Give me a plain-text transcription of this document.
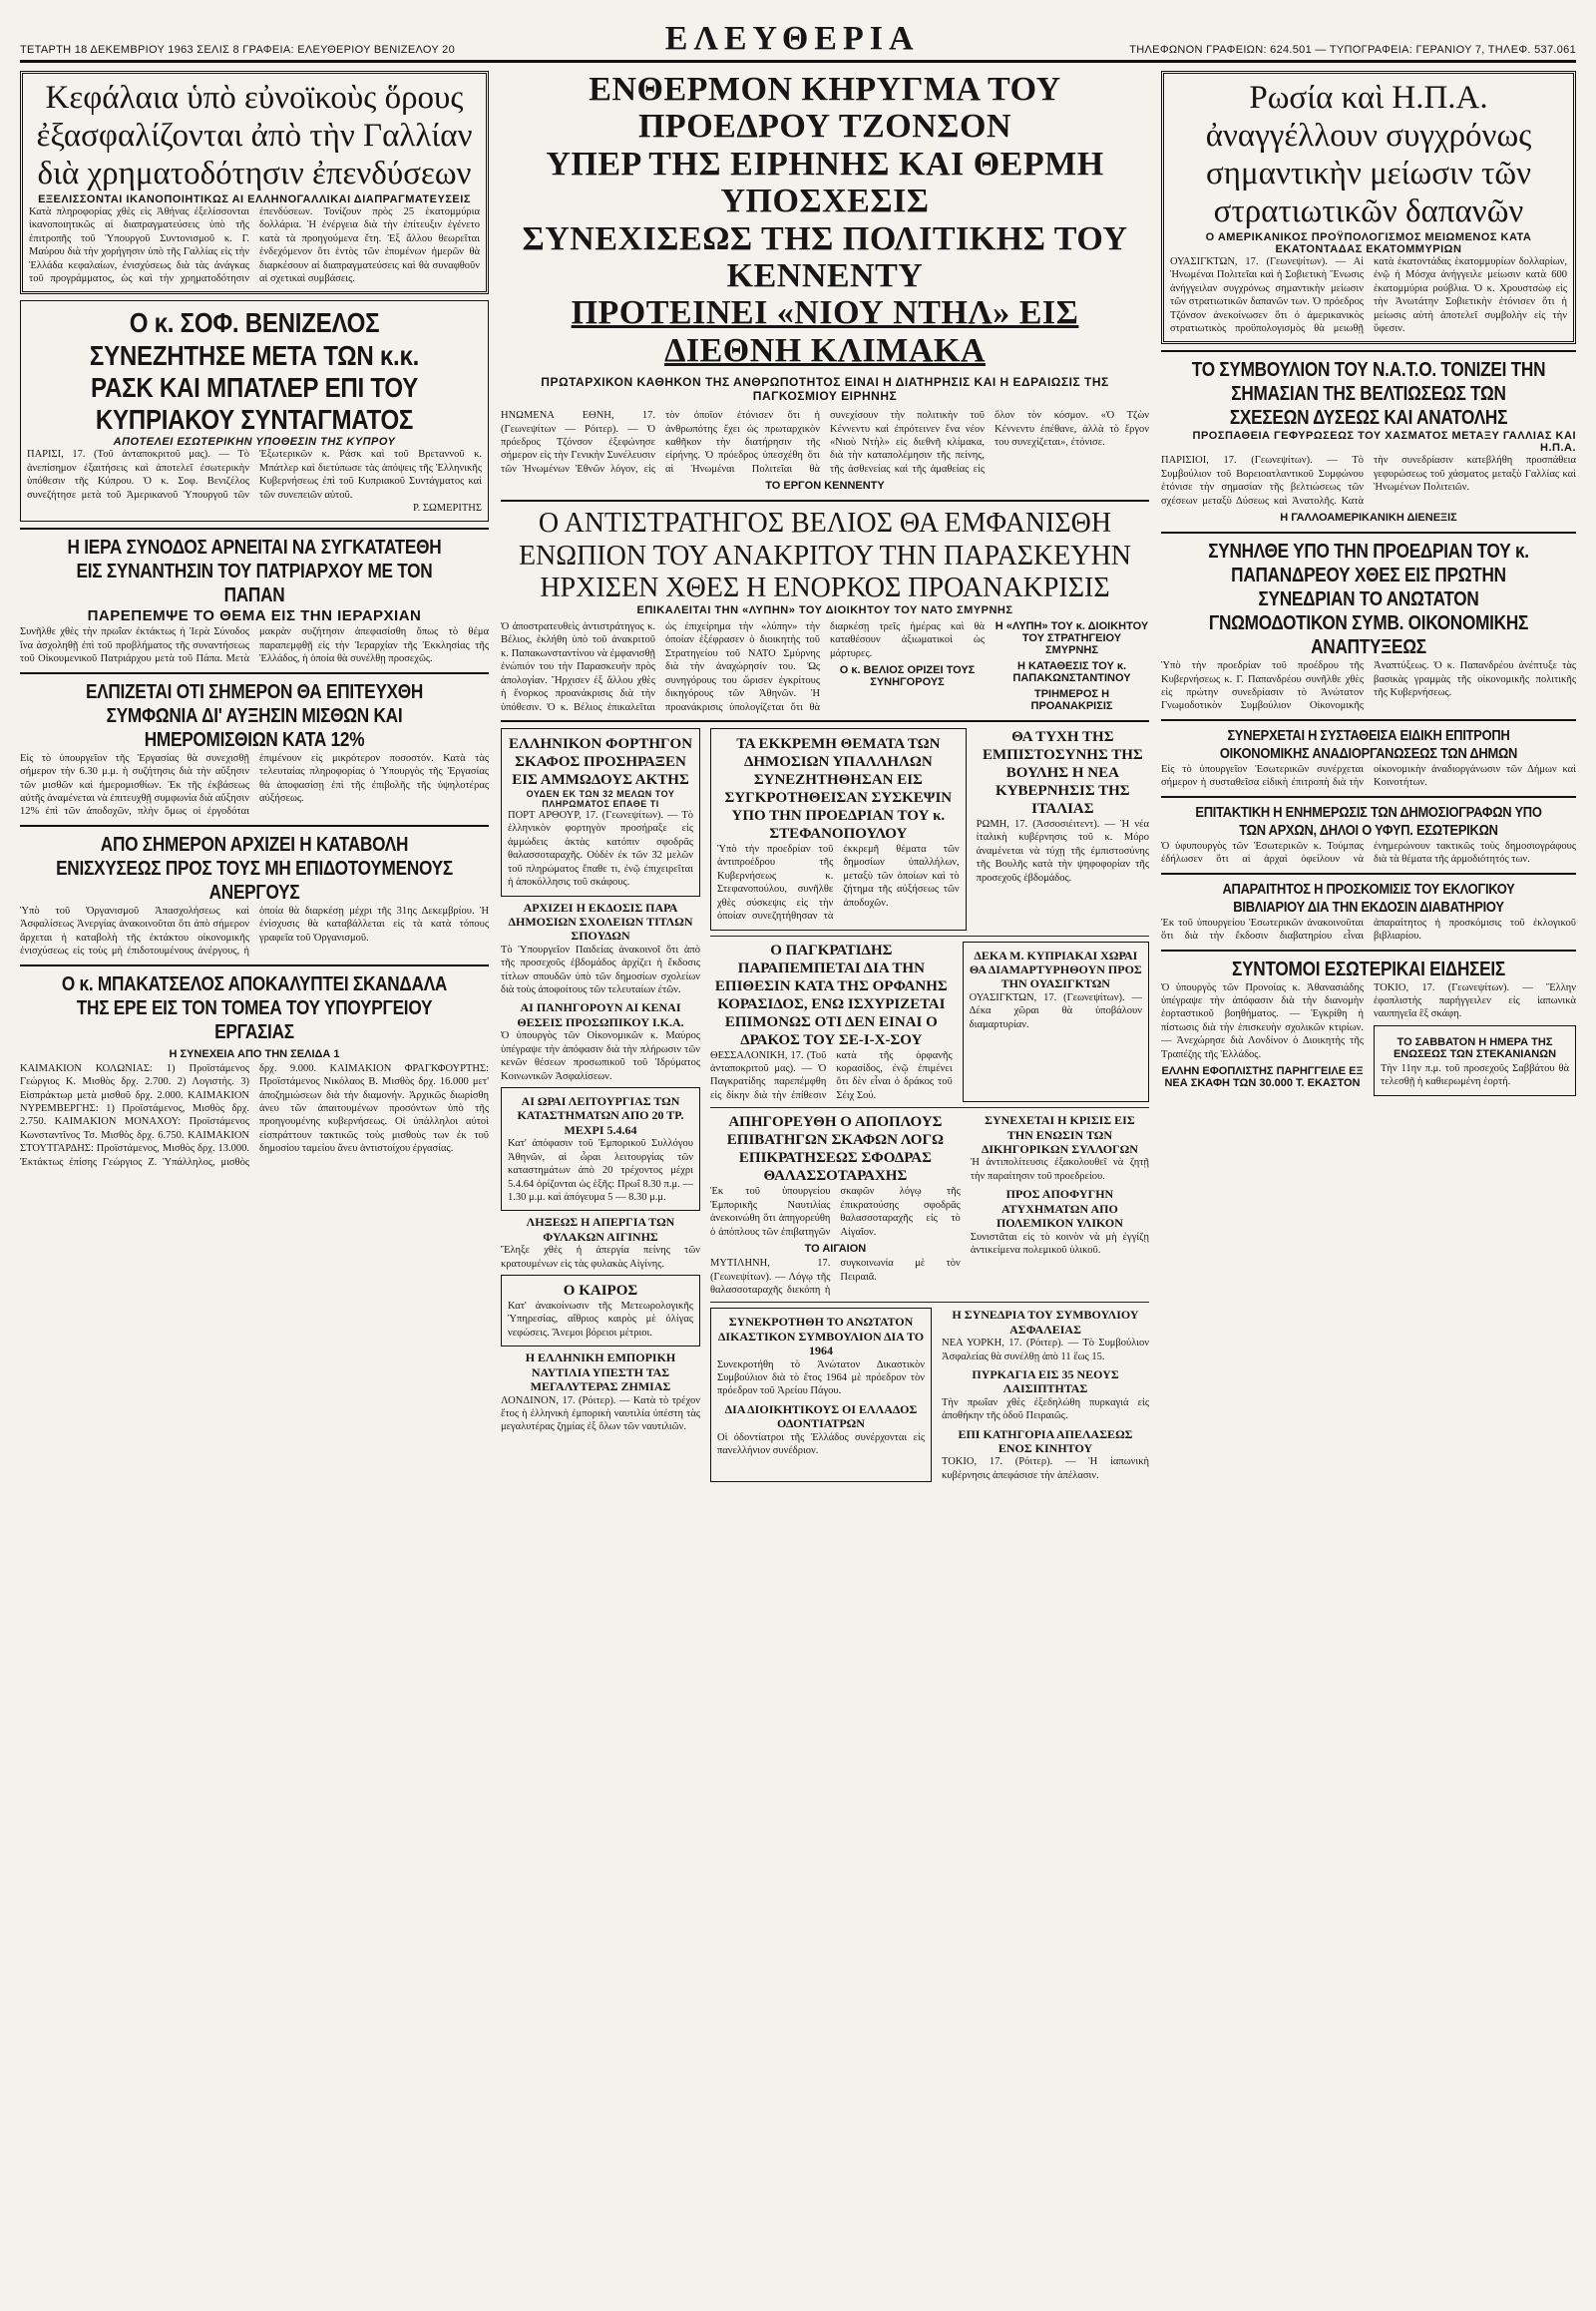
ΤΕΤΑΡΤΗ 18 ΔΕΚΕΜΒΡΙΟΥ 1963 ΣΕΛΙΣ 8 ΓΡΑΦΕΙΑ: ΕΛΕΥΘΕΡΙΟΥ ΒΕΝΙΖΕΛΟΥ 20	ΕΛΕΥΘΕΡΙΑ	ΤΗΛΕΦΩΝΟΝ ΓΡΑΦΕΙΩΝ: 624.501 — ΤΥΠΟΓΡΑΦΕΙΑ: ΓΕΡΑΝΙΟΥ 7, ΤΗΛΕΦ. 537.061
Κεφάλαια ὑπὸ εὐνοϊκοὺς ὅρους ἐξασφαλίζονται ἀπὸ τὴν Γαλλίαν διὰ χρηματοδότησιν ἐπενδύσεων
ΕΞΕΛΙΣΣΟΝΤΑΙ ΙΚΑΝΟΠΟΙΗΤΙΚΩΣ ΑΙ ΕΛΛΗΝΟΓΑΛΛΙΚΑΙ ΔΙΑΠΡΑΓΜΑΤΕΥΣΕΙΣ

Κατὰ πληροφορίας χθὲς εἰς Ἀθήνας ἐξελίσσονται ἱκανοποιητικῶς αἱ διαπραγματεύσεις ὑπὸ τῆς ἐπιτροπῆς τοῦ Ὑπουργοῦ Συντονισμοῦ κ. Γ. Μαύρου διὰ τὴν χορήγησιν ὑπὸ τῆς Γαλλίας εἰς τὴν Ἑλλάδα κεφαλαίων, ἐνισχύσεως διὰ τὰς ἀνάγκας τοῦ προγράμματος, ὡς καὶ τὴν χρηματοδότησιν ἐπενδύσεων. Τονίζουν πρὸς 25 ἑκατομμύρια δολλάρια. Ἡ ἐνέργεια διὰ τὴν ἐπίτευξιν ἐγένετο κατὰ τὰ προηγούμενα ἔτη. Ἐξ ἄλλου θεωρεῖται ἐνδεχόμενον ὅτι ἐντὸς τῶν ἐπομένων ἡμερῶν θὰ διαρκέσουν αἱ διαπραγματεύσεις καὶ θὰ συναφθοῦν αἱ σχετικαὶ συμβάσεις.

Ο κ. ΣΟΦ. ΒΕΝΙΖΕΛΟΣ ΣΥΝΕΖΗΤΗΣΕ ΜΕΤΑ ΤΩΝ κ.κ. ΡΑΣΚ ΚΑΙ ΜΠΑΤΛΕΡ ΕΠΙ ΤΟΥ ΚΥΠΡΙΑΚΟΥ ΣΥΝΤΑΓΜΑΤΟΣ
ΑΠΟΤΕΛΕΙ ΕΣΩΤΕΡΙΚΗΝ ΥΠΟΘΕΣΙΝ ΤΗΣ ΚΥΠΡΟΥ

ΠΑΡΙΣΙ, 17. (Τοῦ ἀνταποκριτοῦ μας). — Τὸ ἀνεπίσημον ἐξαιτήσεις καὶ ἀποτελεῖ ἐσωτερικὴν ὑπόθεσιν τῆς Κύπρου. Ὁ κ. Σοφ. Βενιζέλος συνεζήτησε μετὰ τοῦ Ἀμερικανοῦ Ὑπουργοῦ τῶν Ἐξωτερικῶν κ. Ράσκ καὶ τοῦ Βρεταννοῦ κ. Μπάτλερ καὶ διετύπωσε τὰς ἀπόψεις τῆς Ἑλληνικῆς Κυβερνήσεως ἐπὶ τοῦ Κυπριακοῦ Συντάγματος καὶ τῶν συνεπειῶν αὐτοῦ.

Ρ. ΣΩΜΕΡΙΤΗΣ
Η ΙΕΡΑ ΣΥΝΟΔΟΣ ΑΡΝΕΙΤΑΙ ΝΑ ΣΥΓΚΑΤΑΤΕΘΗ ΕΙΣ ΣΥΝΑΝΤΗΣΙΝ ΤΟΥ ΠΑΤΡΙΑΡΧΟΥ ΜΕ ΤΟΝ ΠΑΠΑΝ
ΠΑΡΕΠΕΜΨΕ ΤΟ ΘΕΜΑ ΕΙΣ ΤΗΝ ΙΕΡΑΡΧΙΑΝ

Συνῆλθε χθὲς τὴν πρωΐαν ἐκτάκτως ἡ Ἱερὰ Σύνοδος ἵνα ἀσχοληθῇ ἐπὶ τοῦ προβλήματος τῆς συναντήσεως τοῦ Οἰκουμενικοῦ Πατριάρχου μετὰ τοῦ Πάπα. Μετὰ μακρὰν συζήτησιν ἀπεφασίσθη ὅπως τὸ θέμα παραπεμφθῇ εἰς τὴν Ἱεραρχίαν τῆς Ἐκκλησίας τῆς Ἑλλάδος, ἡ ὁποία θὰ συνέλθῃ προσεχῶς.

ΕΛΠΙΖΕΤΑΙ ΟΤΙ ΣΗΜΕΡΟΝ ΘΑ ΕΠΙΤΕΥΧΘΗ ΣΥΜΦΩΝΙΑ ΔΙ' ΑΥΞΗΣΙΝ ΜΙΣΘΩΝ ΚΑΙ ΗΜΕΡΟΜΙΣΘΙΩΝ ΚΑΤΑ 12%

Εἰς τὸ ὑπουργεῖον τῆς Ἐργασίας θὰ συνεχισθῇ σήμερον τὴν 6.30 μ.μ. ἡ συζήτησις διὰ τὴν αὔξησιν τῶν μισθῶν καὶ ἡμερομισθίων. Ἐκ τῆς ἐκβάσεως αὐτῆς ἀναμένεται νὰ ἐπιτευχθῇ συμφωνία διὰ αὔξησιν 12% ἐπὶ τῶν ἀποδοχῶν, πλὴν ὅμως οἱ ἐργοδόται ἐπιμένουν εἰς μικρότερον ποσοστόν. Κατὰ τὰς τελευταίας πληροφορίας ὁ Ὑπουργὸς τῆς Ἐργασίας θὰ ἀποφασίσῃ ἐπὶ τῆς ἐπιβολῆς τῆς ὑψηλοτέρας αὐξήσεως.

ΑΠΟ ΣΗΜΕΡΟΝ ΑΡΧΙΖΕΙ Η ΚΑΤΑΒΟΛΗ ΕΝΙΣΧΥΣΕΩΣ ΠΡΟΣ ΤΟΥΣ ΜΗ ΕΠΙΔΟΤΟΥΜΕΝΟΥΣ ΑΝΕΡΓΟΥΣ

Ὑπὸ τοῦ Ὀργανισμοῦ Ἀπασχολήσεως καὶ Ἀσφαλίσεως Ἀνεργίας ἀνακοινοῦται ὅτι ἀπὸ σήμερον ἄρχεται ἡ καταβολὴ τῆς ἐκτάκτου οἰκονομικῆς ἐνισχύσεως εἰς τοὺς μὴ ἐπιδοτουμένους ἀνέργους, ἡ ὁποία θὰ διαρκέσῃ μέχρι τῆς 31ης Δεκεμβρίου. Ἡ ἐνίσχυσις θὰ καταβάλλεται εἰς τὰ κατὰ τόπους γραφεῖα τοῦ Ὀργανισμοῦ.

Ο κ. ΜΠΑΚΑΤΣΕΛΟΣ ΑΠΟΚΑΛΥΠΤΕΙ ΣΚΑΝΔΑΛΑ ΤΗΣ ΕΡΕ ΕΙΣ ΤΟΝ ΤΟΜΕΑ ΤΟΥ ΥΠΟΥΡΓΕΙΟΥ ΕΡΓΑΣΙΑΣ
Η ΣΥΝΕΧΕΙΑ ΑΠΟ ΤΗΝ ΣΕΛΙΔΑ 1

ΚΑΙΜΑΚΙΟΝ ΚΟΛΩΝΙΑΣ: 1) Προϊστάμενος Γεώργιος Κ. Μισθὸς δρχ. 2.700. 2) Λογιστὴς. 3) Εἰσπράκτωρ μετὰ μισθοῦ δρχ. 2.000. ΚΑΙΜΑΚΙΟΝ ΝΥΡΕΜΒΕΡΓΗΣ: 1) Προϊστάμενος, Μισθὸς δρχ. 2.750. ΚΑΙΜΑΚΙΟΝ ΜΟΝΑΧΟΥ: Προϊστάμενος Κωνσταντῖνος Τσ. Μισθὸς δρχ. 6.750. ΚΑΙΜΑΚΙΟΝ ΣΤΟΥΤΓΑΡΔΗΣ: Προϊστάμενος, Μισθὸς δρχ. 13.000. Ἐκτάκτως ἐπίσης Γεώργιος Ζ. Ὑπάλληλος, μισθὸς δρχ. 9.000. ΚΑΙΜΑΚΙΟΝ ΦΡΑΓΚΦΟΥΡΤΗΣ: Προϊστάμενος Νικόλαος Β. Μισθὸς δρχ. 16.000 μετ' ἀποζημιώσεων διὰ τὴν διαμονήν. Ἀρχικῶς διωρίσθη ἀνευ τῶν ἀπαιτουμένων προσόντων ὑπὸ τῆς προηγουμένης κυβερνήσεως. Οἱ ὑπάλληλοι αὐτοὶ εἰσπράττουν τακτικῶς τοὺς μισθοὺς των ἐκ τοῦ δημοσίου ταμείου ἄνευ ἀντιστοίχου ἐργασίας.

ΕΝΘΕΡΜΟΝ ΚΗΡΥΓΜΑ ΤΟΥ ΠΡΟΕΔΡΟΥ ΤΖΟΝΣΟΝ
ΥΠΕΡ ΤΗΣ ΕΙΡΗΝΗΣ ΚΑΙ ΘΕΡΜΗ ΥΠΟΣΧΕΣΙΣ
ΣΥΝΕΧΙΣΕΩΣ ΤΗΣ ΠΟΛΙΤΙΚΗΣ ΤΟΥ ΚΕΝΝΕΝΤΥ
ΠΡΟΤΕΙΝΕΙ «ΝΙΟΥ ΝΤΗΛ» ΕΙΣ ΔΙΕΘΝΗ ΚΛΙΜΑΚΑ
ΠΡΩΤΑΡΧΙΚΟΝ ΚΑΘΗΚΟΝ ΤΗΣ ΑΝΘΡΩΠΟΤΗΤΟΣ ΕΙΝΑΙ Η ΔΙΑΤΗΡΗΣΙΣ ΚΑΙ Η ΕΔΡΑΙΩΣΙΣ ΤΗΣ ΠΑΓΚΟΣΜΙΟΥ ΕΙΡΗΝΗΣ

ΗΝΩΜΕΝΑ ΕΘΝΗ, 17. (Γεωνεψίτων — Ρόιτερ). — Ὁ πρόεδρος Τζόνσον ἐξεφώνησε σήμερον εἰς τὴν Γενικὴν Συνέλευσιν τῶν Ἡνωμένων Ἐθνῶν λόγον, εἰς τὸν ὁποῖον ἐτόνισεν ὅτι ἡ ἀνθρωπότης ἔχει ὡς πρωταρχικὸν καθῆκον τὴν διατήρησιν τῆς εἰρήνης. Ὁ πρόεδρος ὑπεσχέθη ὅτι αἱ Ἡνωμέναι Πολιτεῖαι θὰ συνεχίσουν τὴν πολιτικὴν τοῦ Κέννεντυ καὶ ἐπρότεινεν ἕνα νέον «Νιοὺ Ντὴλ» εἰς διεθνῆ κλίμακα, διὰ τὴν καταπολέμησιν τῆς πείνης, τῆς ἀσθενείας καὶ τῆς ἀμαθείας εἰς ὅλον τὸν κόσμον. «Ὁ Τζὼν Κέννεντυ ἐπέθανε, ἀλλὰ τὸ ἔργον του συνεχίζεται», ἐτόνισε.

ΤΟ ΕΡΓΟΝ ΚΕΝΝΕΝΤΥ
Ο ΑΝΤΙΣΤΡΑΤΗΓΟΣ ΒΕΛΙΟΣ ΘΑ ΕΜΦΑΝΙΣΘΗ
ΕΝΩΠΙΟΝ ΤΟΥ ΑΝΑΚΡΙΤΟΥ ΤΗΝ ΠΑΡΑΣΚΕΥΗΝ
ΗΡΧΙΣΕΝ ΧΘΕΣ Η ΕΝΟΡΚΟΣ ΠΡΟΑΝΑΚΡΙΣΙΣ
ΕΠΙΚΑΛΕΙΤΑΙ ΤΗΝ «ΛΥΠΗΝ» ΤΟΥ ΔΙΟΙΚΗΤΟΥ ΤΟΥ ΝΑΤΟ ΣΜΥΡΝΗΣ

Ὁ ἀποστρατευθεὶς ἀντιστράτηγος κ. Βέλιος, ἐκλήθη ὑπὸ τοῦ ἀνακριτοῦ κ. Παπακωνσταντίνου νὰ ἐμφανισθῇ ἐνώπιόν του τὴν Παρασκευὴν πρὸς ἀπολογίαν. Ἤρχισεν ἐξ ἄλλου χθὲς ἡ ἔνορκος προανάκρισις διὰ τὴν ὑπόθεσιν. Ὁ κ. Βέλιος ἐπικαλεῖται ὡς ἐπιχείρημα τὴν «λύπην» τὴν ὁποίαν ἐξέφρασεν ὁ διοικητὴς τοῦ Στρατηγείου τοῦ ΝΑΤΟ Σμύρνης διὰ τὴν ἀναχώρησίν του. Ὡς συνηγόρους του ὥρισεν ἐγκρίτους δικηγόρους τῶν Ἀθηνῶν. Ἡ προανάκρισις ὑπολογίζεται ὅτι θὰ διαρκέσῃ τρεῖς ἡμέρας καὶ θὰ καταθέσουν ἀξιωματικοὶ ὡς μάρτυρες.

Ο κ. ΒΕΛΙΟΣ ΟΡΙΖΕΙ ΤΟΥΣ ΣΥΝΗΓΟΡΟΥΣ
Η «ΛΥΠΗ» ΤΟΥ κ. ΔΙΟΙΚΗΤΟΥ ΤΟΥ ΣΤΡΑΤΗΓΕΙΟΥ ΣΜΥΡΝΗΣ
Η ΚΑΤΑΘΕΣΙΣ ΤΟΥ κ. ΠΑΠΑΚΩΝΣΤΑΝΤΙΝΟΥ
ΤΡΙΗΜΕΡΟΣ Η ΠΡΟΑΝΑΚΡΙΣΙΣ
ΕΛΛΗΝΙΚΟΝ ΦΟΡΤΗΓΟΝ ΣΚΑΦΟΣ ΠΡΟΣΗΡΑΞΕΝ ΕΙΣ ΑΜΜΩΔΟΥΣ ΑΚΤΗΣ
ΟΥΔΕΝ ΕΚ ΤΩΝ 32 ΜΕΛΩΝ ΤΟΥ ΠΛΗΡΩΜΑΤΟΣ ΕΠΑΘΕ ΤΙ

ΠΟΡΤ ΑΡΘΟΥΡ, 17. (Γεωνεψίτων). — Τὸ ἑλληνικὸν φορτηγὸν προσήραξε εἰς ἀμμώδεις ἀκτὰς κατόπιν σφοδρᾶς θαλασσοταραχῆς. Οὐδὲν ἐκ τῶν 32 μελῶν τοῦ πληρώματος ἔπαθε τι, ἐνῷ ἐπιχειρεῖται ἡ ἀποκόλλησις τοῦ σκάφους.

ΑΡΧΙΖΕΙ Η ΕΚΔΟΣΙΣ ΠΑΡΑ ΔΗΜΟΣΙΩΝ ΣΧΟΛΕΙΩΝ ΤΙΤΛΩΝ ΣΠΟΥΔΩΝ

Τὸ Ὑπουργεῖον Παιδείας ἀνακοινοῖ ὅτι ἀπὸ τῆς προσεχοῦς ἑβδομάδος ἀρχίζει ἡ ἔκδοσις τίτλων σπουδῶν ὑπὸ τῶν δημοσίων σχολείων διὰ τοὺς ἀποφοίτους τῶν τελευταίων ἐτῶν.

ΑΙ ΠΑΝΗΓΟΡΟΥΝ ΑΙ ΚΕΝΑΙ ΘΕΣΕΙΣ ΠΡΟΣΩΠΙΚΟΥ Ι.Κ.Α.

Ὁ ὑπουργὸς τῶν Οἰκονομικῶν κ. Μαύρος ὑπέγραψε τὴν ἀπόφασιν διὰ τὴν πλήρωσιν τῶν κενῶν θέσεων προσωπικοῦ τοῦ Ἰδρύματος Κοινωνικῶν Ἀσφαλίσεων.

ΑΙ ΩΡΑΙ ΛΕΙΤΟΥΡΓΙΑΣ ΤΩΝ ΚΑΤΑΣΤΗΜΑΤΩΝ ΑΠΟ 20 ΤΡ. ΜΕΧΡΙ 5.4.64

Κατ' ἀπόφασιν τοῦ Ἐμπορικοῦ Συλλόγου Ἀθηνῶν, αἱ ὧραι λειτουργίας τῶν καταστημάτων ἀπὸ 20 τρέχοντος μέχρι 5.4.64 ὁρίζονται ὡς ἑξῆς: Πρωΐ 8.30 π.μ. — 1.30 μ.μ. καὶ ἀπόγευμα 5 — 8.30 μ.μ.

ΛΗΞΕΩΣ Η ΑΠΕΡΓΙΑ ΤΩΝ ΦΥΛΑΚΩΝ ΑΙΓΙΝΗΣ

Ἔληξε χθὲς ἡ ἀπεργία πείνης τῶν κρατουμένων εἰς τὰς φυλακὰς Αἰγίνης.

Ο ΚΑΙΡΟΣ

Κατ' ἀνακοίνωσιν τῆς Μετεωρολογικῆς Ὑπηρεσίας, αἴθριος καιρὸς μὲ ὀλίγας νεφώσεις. Ἄνεμοι βόρειοι μέτριοι.

Η ΕΛΛΗΝΙΚΗ ΕΜΠΟΡΙΚΗ ΝΑΥΤΙΛΙΑ ΥΠΕΣΤΗ ΤΑΣ ΜΕΓΑΛΥΤΕΡΑΣ ΖΗΜΙΑΣ

ΛΟΝΔΙΝΟΝ, 17. (Ρόιτερ). — Κατὰ τὸ τρέχον ἔτος ἡ ἑλληνικὴ ἐμπορικὴ ναυτιλία ὑπέστη τὰς μεγαλυτέρας ζημίας ἐξ ὅλων τῶν ναυτιλιῶν.

ΤΑ ΕΚΚΡΕΜΗ ΘΕΜΑΤΑ ΤΩΝ ΔΗΜΟΣΙΩΝ ΥΠΑΛΛΗΛΩΝ ΣΥΝΕΖΗΤΗΘΗΣΑΝ ΕΙΣ ΣΥΓΚΡΟΤΗΘΕΙΣΑΝ ΣΥΣΚΕΨΙΝ ΥΠΟ ΤΗΝ ΠΡΟΕΔΡΙΑΝ ΤΟΥ κ. ΣΤΕΦΑΝΟΠΟΥΛΟΥ

Ὑπὸ τὴν προεδρίαν τοῦ ἀντιπροέδρου τῆς Κυβερνήσεως κ. Στεφανοπούλου, συνῆλθε χθὲς σύσκεψις εἰς τὴν ὁποίαν συνεζητήθησαν τὰ ἐκκρεμῆ θέματα τῶν δημοσίων ὑπαλλήλων, μεταξὺ τῶν ὁποίων καὶ τὸ ζήτημα τῆς αὐξήσεως τῶν ἀποδοχῶν.

ΘΑ ΤΥΧΗ ΤΗΣ ΕΜΠΙΣΤΟΣΥΝΗΣ ΤΗΣ ΒΟΥΛΗΣ Η ΝΕΑ ΚΥΒΕΡΝΗΣΙΣ ΤΗΣ ΙΤΑΛΙΑΣ

ΡΩΜΗ, 17. (Ἀσσοσιέιτεντ). — Ἡ νέα ἰταλικὴ κυβέρνησις τοῦ κ. Μόρο ἀναμένεται νὰ τύχῃ τῆς ἐμπιστοσύνης τῆς Βουλῆς κατὰ τὴν ψηφοφορίαν τῆς προσεχοῦς ἑβδομάδος.

Ο ΠΑΓΚΡΑΤΙΔΗΣ ΠΑΡΑΠΕΜΠΕΤΑΙ ΔΙΑ ΤΗΝ ΕΠΙΘΕΣΙΝ ΚΑΤΑ ΤΗΣ ΟΡΦΑΝΗΣ ΚΟΡΑΣΙΔΟΣ, ΕΝΩ ΙΣΧΥΡΙΖΕΤΑΙ ΕΠΙΜΟΝΩΣ ΟΤΙ ΔΕΝ ΕΙΝΑΙ Ο ΔΡΑΚΟΣ ΤΟΥ ΣΕ-Ι-Χ-ΣΟΥ

ΘΕΣΣΑΛΟΝΙΚΗ, 17. (Τοῦ ἀνταποκριτοῦ μας). — Ὁ Παγκρατίδης παρεπέμφθη εἰς δίκην διὰ τὴν ἐπίθεσιν κατὰ τῆς ὀρφανῆς κορασίδος, ἐνῷ ἐπιμένει ὅτι δὲν εἶναι ὁ δράκος τοῦ Σέιχ Σού.

ΔΕΚΑ Μ. ΚΥΠΡΙΑΚΑΙ ΧΩΡΑΙ ΘΑ ΔΙΑΜΑΡΤΥΡΗΘΟΥΝ ΠΡΟΣ ΤΗΝ ΟΥΑΣΙΓΚΤΩΝ

ΟΥΑΣΙΓΚΤΩΝ, 17. (Γεωνεψίτων). — Δέκα χῶραι θὰ ὑποβάλουν διαμαρτυρίαν.

ΑΠΗΓΟΡΕΥΘΗ Ο ΑΠΟΠΛΟΥΣ ΕΠΙΒΑΤΗΓΩΝ ΣΚΑΦΩΝ ΛΟΓΩ ΕΠΙΚΡΑΤΗΣΕΩΣ ΣΦΟΔΡΑΣ ΘΑΛΑΣΣΟΤΑΡΑΧΗΣ

Ἐκ τοῦ ὑπουργείου Ἐμπορικῆς Ναυτιλίας ἀνεκοινώθη ὅτι ἀπηγορεύθη ὁ ἀπόπλους τῶν ἐπιβατηγῶν σκαφῶν λόγῳ τῆς ἐπικρατούσης σφοδρᾶς θαλασσοταραχῆς εἰς τὸ Αἰγαῖον.

ΤΟ ΑΙΓΑΙΟΝ

ΜΥΤΙΛΗΝΗ, 17. (Γεωνεψίτων). — Λόγῳ τῆς θαλασσοταραχῆς διεκόπη ἡ συγκοινωνία μὲ τὸν Πειραιᾶ.

ΣΥΝΕΧΕΤΑΙ Η ΚΡΙΣΙΣ ΕΙΣ ΤΗΝ ΕΝΩΣΙΝ ΤΩΝ ΔΙΚΗΓΟΡΙΚΩΝ ΣΥΛΛΟΓΩΝ

Ἡ ἀντιπολίτευσις ἐξακολουθεῖ νὰ ζητῇ τὴν παραίτησιν τοῦ προεδρείου.

ΠΡΟΣ ΑΠΟΦΥΓΗΝ ΑΤΥΧΗΜΑΤΩΝ ΑΠΟ ΠΟΛΕΜΙΚΟΝ ΥΛΙΚΟΝ

Συνιστᾶται εἰς τὸ κοινὸν νὰ μὴ ἐγγίζῃ ἀντικείμενα πολεμικοῦ ὑλικοῦ.

ΣΥΝΕΚΡΟΤΗΘΗ ΤΟ ΑΝΩΤΑΤΟΝ ΔΙΚΑΣΤΙΚΟΝ ΣΥΜΒΟΥΛΙΟΝ ΔΙΑ ΤΟ 1964

Συνεκροτήθη τὸ Ἀνώτατον Δικαστικὸν Συμβούλιον διὰ τὸ ἔτος 1964 μὲ πρόεδρον τὸν πρόεδρον τοῦ Ἀρείου Πάγου.

ΔΙΑ ΔΙΟΙΚΗΤΙΚΟΥΣ ΟΙ ΕΛΛΑΔΟΣ ΟΔΟΝΤΙΑΤΡΩΝ

Οἱ ὀδοντίατροι τῆς Ἑλλάδος συνέρχονται εἰς πανελλήνιον συνέδριον.

Η ΣΥΝΕΔΡΙΑ ΤΟΥ ΣΥΜΒΟΥΛΙΟΥ ΑΣΦΑΛΕΙΑΣ

ΝΕΑ ΥΟΡΚΗ, 17. (Ρόιτερ). — Τὸ Συμβούλιον Ἀσφαλείας θὰ συνέλθῃ ἀπὸ 11 ἕως 15.

ΠΥΡΚΑΓΙΑ ΕΙΣ 35 ΝΕΟΥΣ ΛΑΙΣΙΠΤΗΤΑΣ

Τὴν πρωΐαν χθὲς ἐξεδηλώθη πυρκαγιά εἰς ἀποθήκην τῆς ὁδοῦ Πειραιῶς.

ΕΠΙ ΚΑΤΗΓΟΡΙΑ ΑΠΕΛΑΣΕΩΣ ΕΝΟΣ ΚΙΝΗΤΟΥ

ΤΟΚΙΟ, 17. (Ρόιτερ). — Ἡ ἰαπωνικὴ κυβέρνησις ἀπεφάσισε τὴν ἀπέλασιν.

Ρωσία καὶ Η.Π.Α. ἀναγγέλλουν συγχρόνως σημαντικὴν μείωσιν τῶν στρατιωτικῶν δαπανῶν
Ο ΑΜΕΡΙΚΑΝΙΚΟΣ ΠΡΟΫΠΟΛΟΓΙΣΜΟΣ ΜΕΙΩΜΕΝΟΣ ΚΑΤΑ ΕΚΑΤΟΝΤΑΔΑΣ ΕΚΑΤΟΜΜΥΡΙΩΝ

ΟΥΑΣΙΓΚΤΩΝ, 17. (Γεωνεψίτων). — Αἱ Ἡνωμέναι Πολιτεῖαι καὶ ἡ Σοβιετικὴ Ἕνωσις ἀνήγγειλαν συγχρόνως σημαντικὴν μείωσιν τῶν στρατιωτικῶν δαπανῶν των. Ὁ πρόεδρος Τζόνσον ἀνεκοίνωσεν ὅτι ὁ ἀμερικανικὸς στρατιωτικὸς προϋπολογισμὸς θὰ μειωθῇ κατὰ ἑκατοντάδας ἑκατομμυρίων δολλαρίων, ἐνῷ ἡ Μόσχα ἀνήγγειλε μείωσιν κατὰ 600 ἑκατομμύρια ρούβλια. Ὁ κ. Χρουστσὼφ εἰς τὴν Ἀνωτάτην Σοβιετικὴν ἐτόνισεν ὅτι ἡ μείωσις αὐτὴ ἀποτελεῖ συμβολὴν εἰς τὴν ὕφεσιν.

ΤΟ ΣΥΜΒΟΥΛΙΟΝ ΤΟΥ Ν.Α.Τ.Ο. ΤΟΝΙΖΕΙ ΤΗΝ ΣΗΜΑΣΙΑΝ ΤΗΣ ΒΕΛΤΙΩΣΕΩΣ ΤΩΝ ΣΧΕΣΕΩΝ ΔΥΣΕΩΣ ΚΑΙ ΑΝΑΤΟΛΗΣ
ΠΡΟΣΠΑΘΕΙΑ ΓΕΦΥΡΩΣΕΩΣ ΤΟΥ ΧΑΣΜΑΤΟΣ ΜΕΤΑΞΥ ΓΑΛΛΙΑΣ ΚΑΙ Η.Π.Α.

ΠΑΡΙΣΙΟΙ, 17. (Γεωνεψίτων). — Τὸ Συμβούλιον τοῦ Βορειοατλαντικοῦ Συμφώνου ἐτόνισε τὴν σημασίαν τῆς βελτιώσεως τῶν σχέσεων μεταξὺ Δύσεως καὶ Ἀνατολῆς. Κατὰ τὴν συνεδρίασιν κατεβλήθη προσπάθεια γεφυρώσεως τοῦ χάσματος μεταξὺ Γαλλίας καὶ Ἡνωμένων Πολιτειῶν.

Η ΓΑΛΛΟΑΜΕΡΙΚΑΝΙΚΗ ΔΙΕΝΕΞΙΣ
ΣΥΝΗΛΘΕ ΥΠΟ ΤΗΝ ΠΡΟΕΔΡΙΑΝ ΤΟΥ κ. ΠΑΠΑΝΔΡΕΟΥ ΧΘΕΣ ΕΙΣ ΠΡΩΤΗΝ ΣΥΝΕΔΡΙΑΝ ΤΟ ΑΝΩΤΑΤΟΝ ΓΝΩΜΟΔΟΤΙΚΟΝ ΣΥΜΒ. ΟΙΚΟΝΟΜΙΚΗΣ ΑΝΑΠΤΥΞΕΩΣ

Ὑπὸ τὴν προεδρίαν τοῦ προέδρου τῆς Κυβερνήσεως κ. Γ. Παπανδρέου συνῆλθε χθὲς εἰς πρώτην συνεδρίασιν τὸ Ἀνώτατον Γνωμοδοτικὸν Συμβούλιον Οἰκονομικῆς Ἀναπτύξεως. Ὁ κ. Παπανδρέου ἀνέπτυξε τὰς βασικὰς γραμμὰς τῆς οἰκονομικῆς πολιτικῆς τῆς Κυβερνήσεως.

ΣΥΝΕΡΧΕΤΑΙ Η ΣΥΣΤΑΘΕΙΣΑ ΕΙΔΙΚΗ ΕΠΙΤΡΟΠΗ ΟΙΚΟΝΟΜΙΚΗΣ ΑΝΑΔΙΟΡΓΑΝΩΣΕΩΣ ΤΩΝ ΔΗΜΩΝ

Εἰς τὸ ὑπουργεῖον Ἐσωτερικῶν συνέρχεται σήμερον ἡ συσταθεῖσα εἰδικὴ ἐπιτροπὴ διὰ τὴν οἰκονομικὴν ἀναδιοργάνωσιν τῶν Δήμων καὶ Κοινοτήτων.

ΕΠΙΤΑΚΤΙΚΗ Η ΕΝΗΜΕΡΩΣΙΣ ΤΩΝ ΔΗΜΟΣΙΟΓΡΑΦΩΝ ΥΠΟ ΤΩΝ ΑΡΧΩΝ, ΔΗΛΟΙ Ο ΥΦΥΠ. ΕΣΩΤΕΡΙΚΩΝ

Ὁ ὑφυπουργὸς τῶν Ἐσωτερικῶν κ. Τούμπας ἐδήλωσεν ὅτι αἱ ἀρχαὶ ὀφείλουν νὰ ἐνημερώνουν τακτικῶς τοὺς δημοσιογράφους διὰ τὰ θέματα τῆς ἁρμοδιότητός των.

ΑΠΑΡΑΙΤΗΤΟΣ Η ΠΡΟΣΚΟΜΙΣΙΣ ΤΟΥ ΕΚΛΟΓΙΚΟΥ ΒΙΒΛΙΑΡΙΟΥ ΔΙΑ ΤΗΝ ΕΚΔΟΣΙΝ ΔΙΑΒΑΤΗΡΙΟΥ

Ἐκ τοῦ ὑπουργείου Ἐσωτερικῶν ἀνακοινοῦται ὅτι διὰ τὴν ἔκδοσιν διαβατηρίου εἶναι ἀπαραίτητος ἡ προσκόμισις τοῦ ἐκλογικοῦ βιβλιαρίου.

ΣΥΝΤΟΜΟΙ ΕΣΩΤΕΡΙΚΑΙ ΕΙΔΗΣΕΙΣ

Ὁ ὑπουργὸς τῶν Προνοίας κ. Ἀθανασιάδης ὑπέγραψε τὴν ἀπόφασιν διὰ τὴν διανομὴν ἑορταστικοῦ βοηθήματος. — Ἐγκρίθη ἡ πίστωσις διὰ τὴν ἐπισκευὴν σχολικῶν κτιρίων. — Ἀνεχώρησε διὰ Λονδίνον ὁ Διοικητὴς τῆς Τραπέζης τῆς Ἑλλάδος.

ΕΛΛΗΝ ΕΦΟΠΛΙΣΤΗΣ ΠΑΡΗΓΓΕΙΛΕ ΕΞ ΝΕΑ ΣΚΑΦΗ ΤΩΝ 30.000 Τ. ΕΚΑΣΤΟΝ

ΤΟΚΙΟ, 17. (Γεωνεψίτων). — Ἕλλην ἐφοπλιστὴς παρήγγειλεν εἰς ἰαπωνικὰ ναυπηγεῖα ἓξ σκάφη.

ΤΟ ΣΑΒΒΑΤΟΝ Η ΗΜΕΡΑ ΤΗΣ ΕΝΩΣΕΩΣ ΤΩΝ ΣΤΕΚΑΝΙΑΝΩΝ

Τὴν 11ην π.μ. τοῦ προσεχοῦς Σαββάτου θὰ τελεσθῇ ἡ καθιερωμένη ἑορτή.
